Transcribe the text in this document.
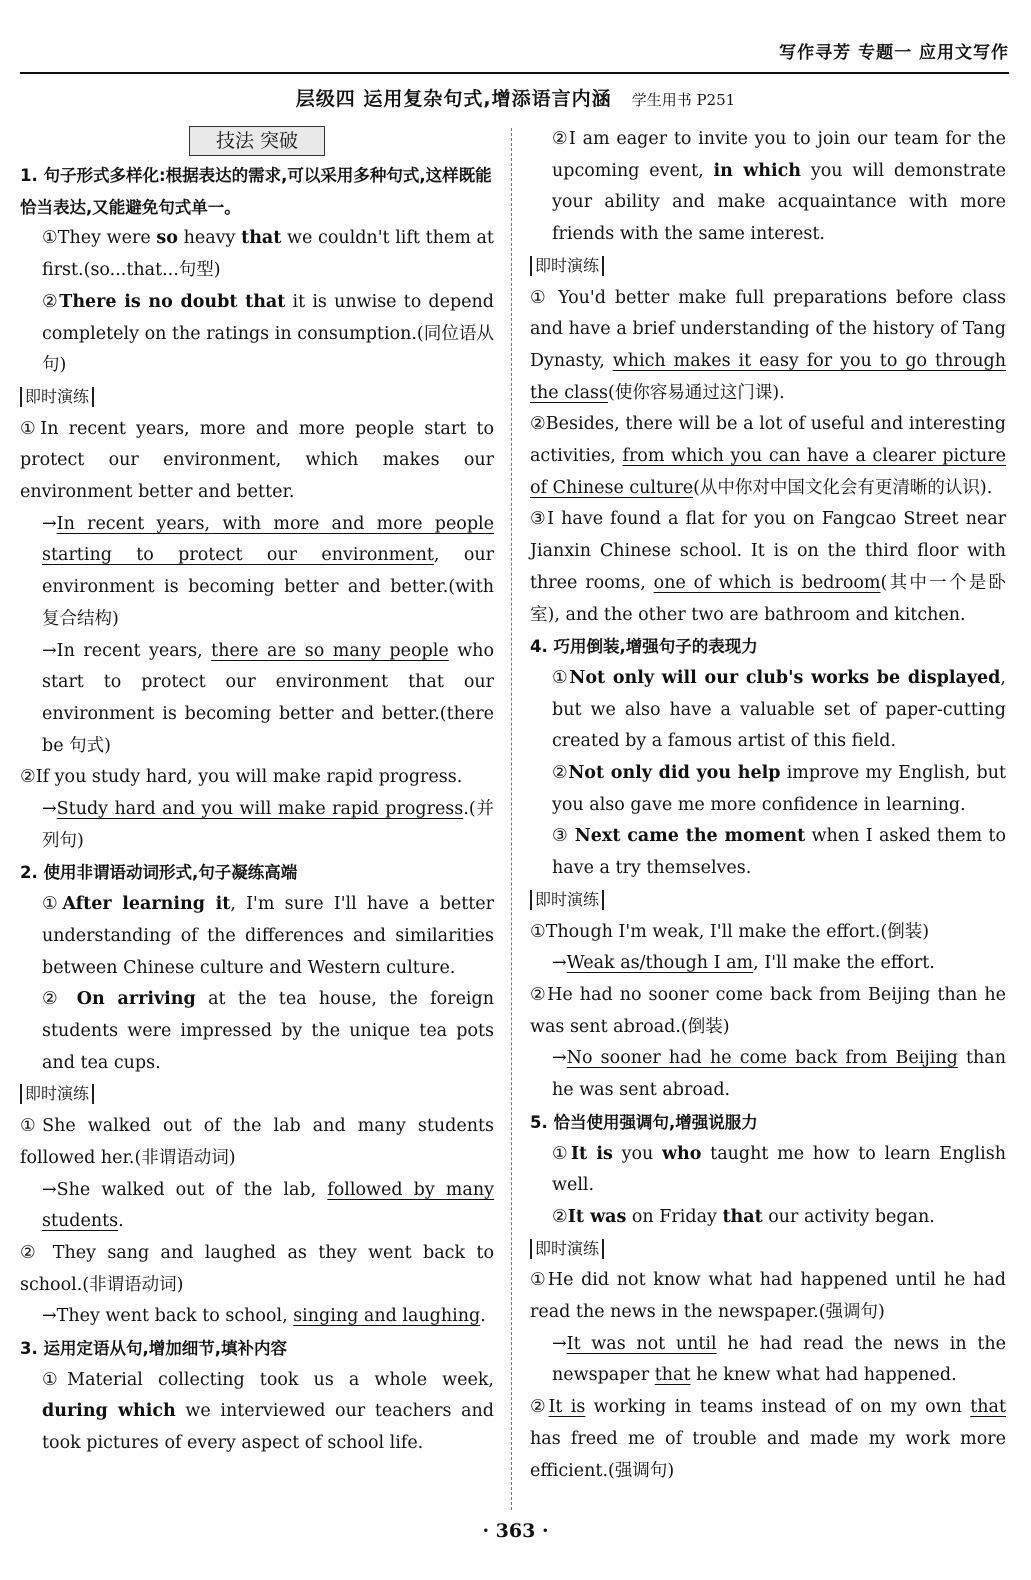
写作寻芳 专题一 应用文写作
层级四 运用复杂句式,增添语言内涵 学生用书 P251
技法 突破
1. 句子形式多样化:根据表达的需求,可以采用多种句式,这样既能恰当表达,又能避免句式单一。
①They were so heavy that we couldn't lift them at first.(so...that...句型)
②There is no doubt that it is unwise to depend completely on the ratings in consumption.(同位语从句)
即时演练
①In recent years, more and more people start to protect our environment, which makes our environment better and better.
→In recent years, with more and more people starting to protect our environment, our environment is becoming better and better.(with 复合结构)
→In recent years, there are so many people who start to protect our environment that our environment is becoming better and better.(there be 句式)
②If you study hard, you will make rapid progress.
→Study hard and you will make rapid progress.(并列句)
2. 使用非谓语动词形式,句子凝练高端
①After learning it, I'm sure I'll have a better understanding of the differences and similarities between Chinese culture and Western culture.
② On arriving at the tea house, the foreign students were impressed by the unique tea pots and tea cups.
即时演练
①She walked out of the lab and many students followed her.(非谓语动词)
→She walked out of the lab, followed by many students.
② They sang and laughed as they went back to school.(非谓语动词)
→They went back to school, singing and laughing.
3. 运用定语从句,增加细节,填补内容
①Material collecting took us a whole week, during which we interviewed our teachers and took pictures of every aspect of school life.
②I am eager to invite you to join our team for the upcoming event, in which you will demonstrate your ability and make acquaintance with more friends with the same interest.
即时演练
① You'd better make full preparations before class and have a brief understanding of the history of Tang Dynasty, which makes it easy for you to go through the class(使你容易通过这门课).
②Besides, there will be a lot of useful and interesting activities, from which you can have a clearer picture of Chinese culture(从中你对中国文化会有更清晰的认识).
③I have found a flat for you on Fangcao Street near Jianxin Chinese school. It is on the third floor with three rooms, one of which is bedroom(其中一个是卧室), and the other two are bathroom and kitchen.
4. 巧用倒装,增强句子的表现力
①Not only will our club's works be displayed, but we also have a valuable set of paper-cutting created by a famous artist of this field.
②Not only did you help improve my English, but you also gave me more confidence in learning.
③ Next came the moment when I asked them to have a try themselves.
即时演练
①Though I'm weak, I'll make the effort.(倒装)
→Weak as/though I am, I'll make the effort.
②He had no sooner come back from Beijing than he was sent abroad.(倒装)
→No sooner had he come back from Beijing than he was sent abroad.
5. 恰当使用强调句,增强说服力
①It is you who taught me how to learn English well.
②It was on Friday that our activity began.
即时演练
①He did not know what had happened until he had read the news in the newspaper.(强调句)
→It was not until he had read the news in the newspaper that he knew what had happened.
②It is working in teams instead of on my own that has freed me of trouble and made my work more efficient.(强调句)
· 363 ·
